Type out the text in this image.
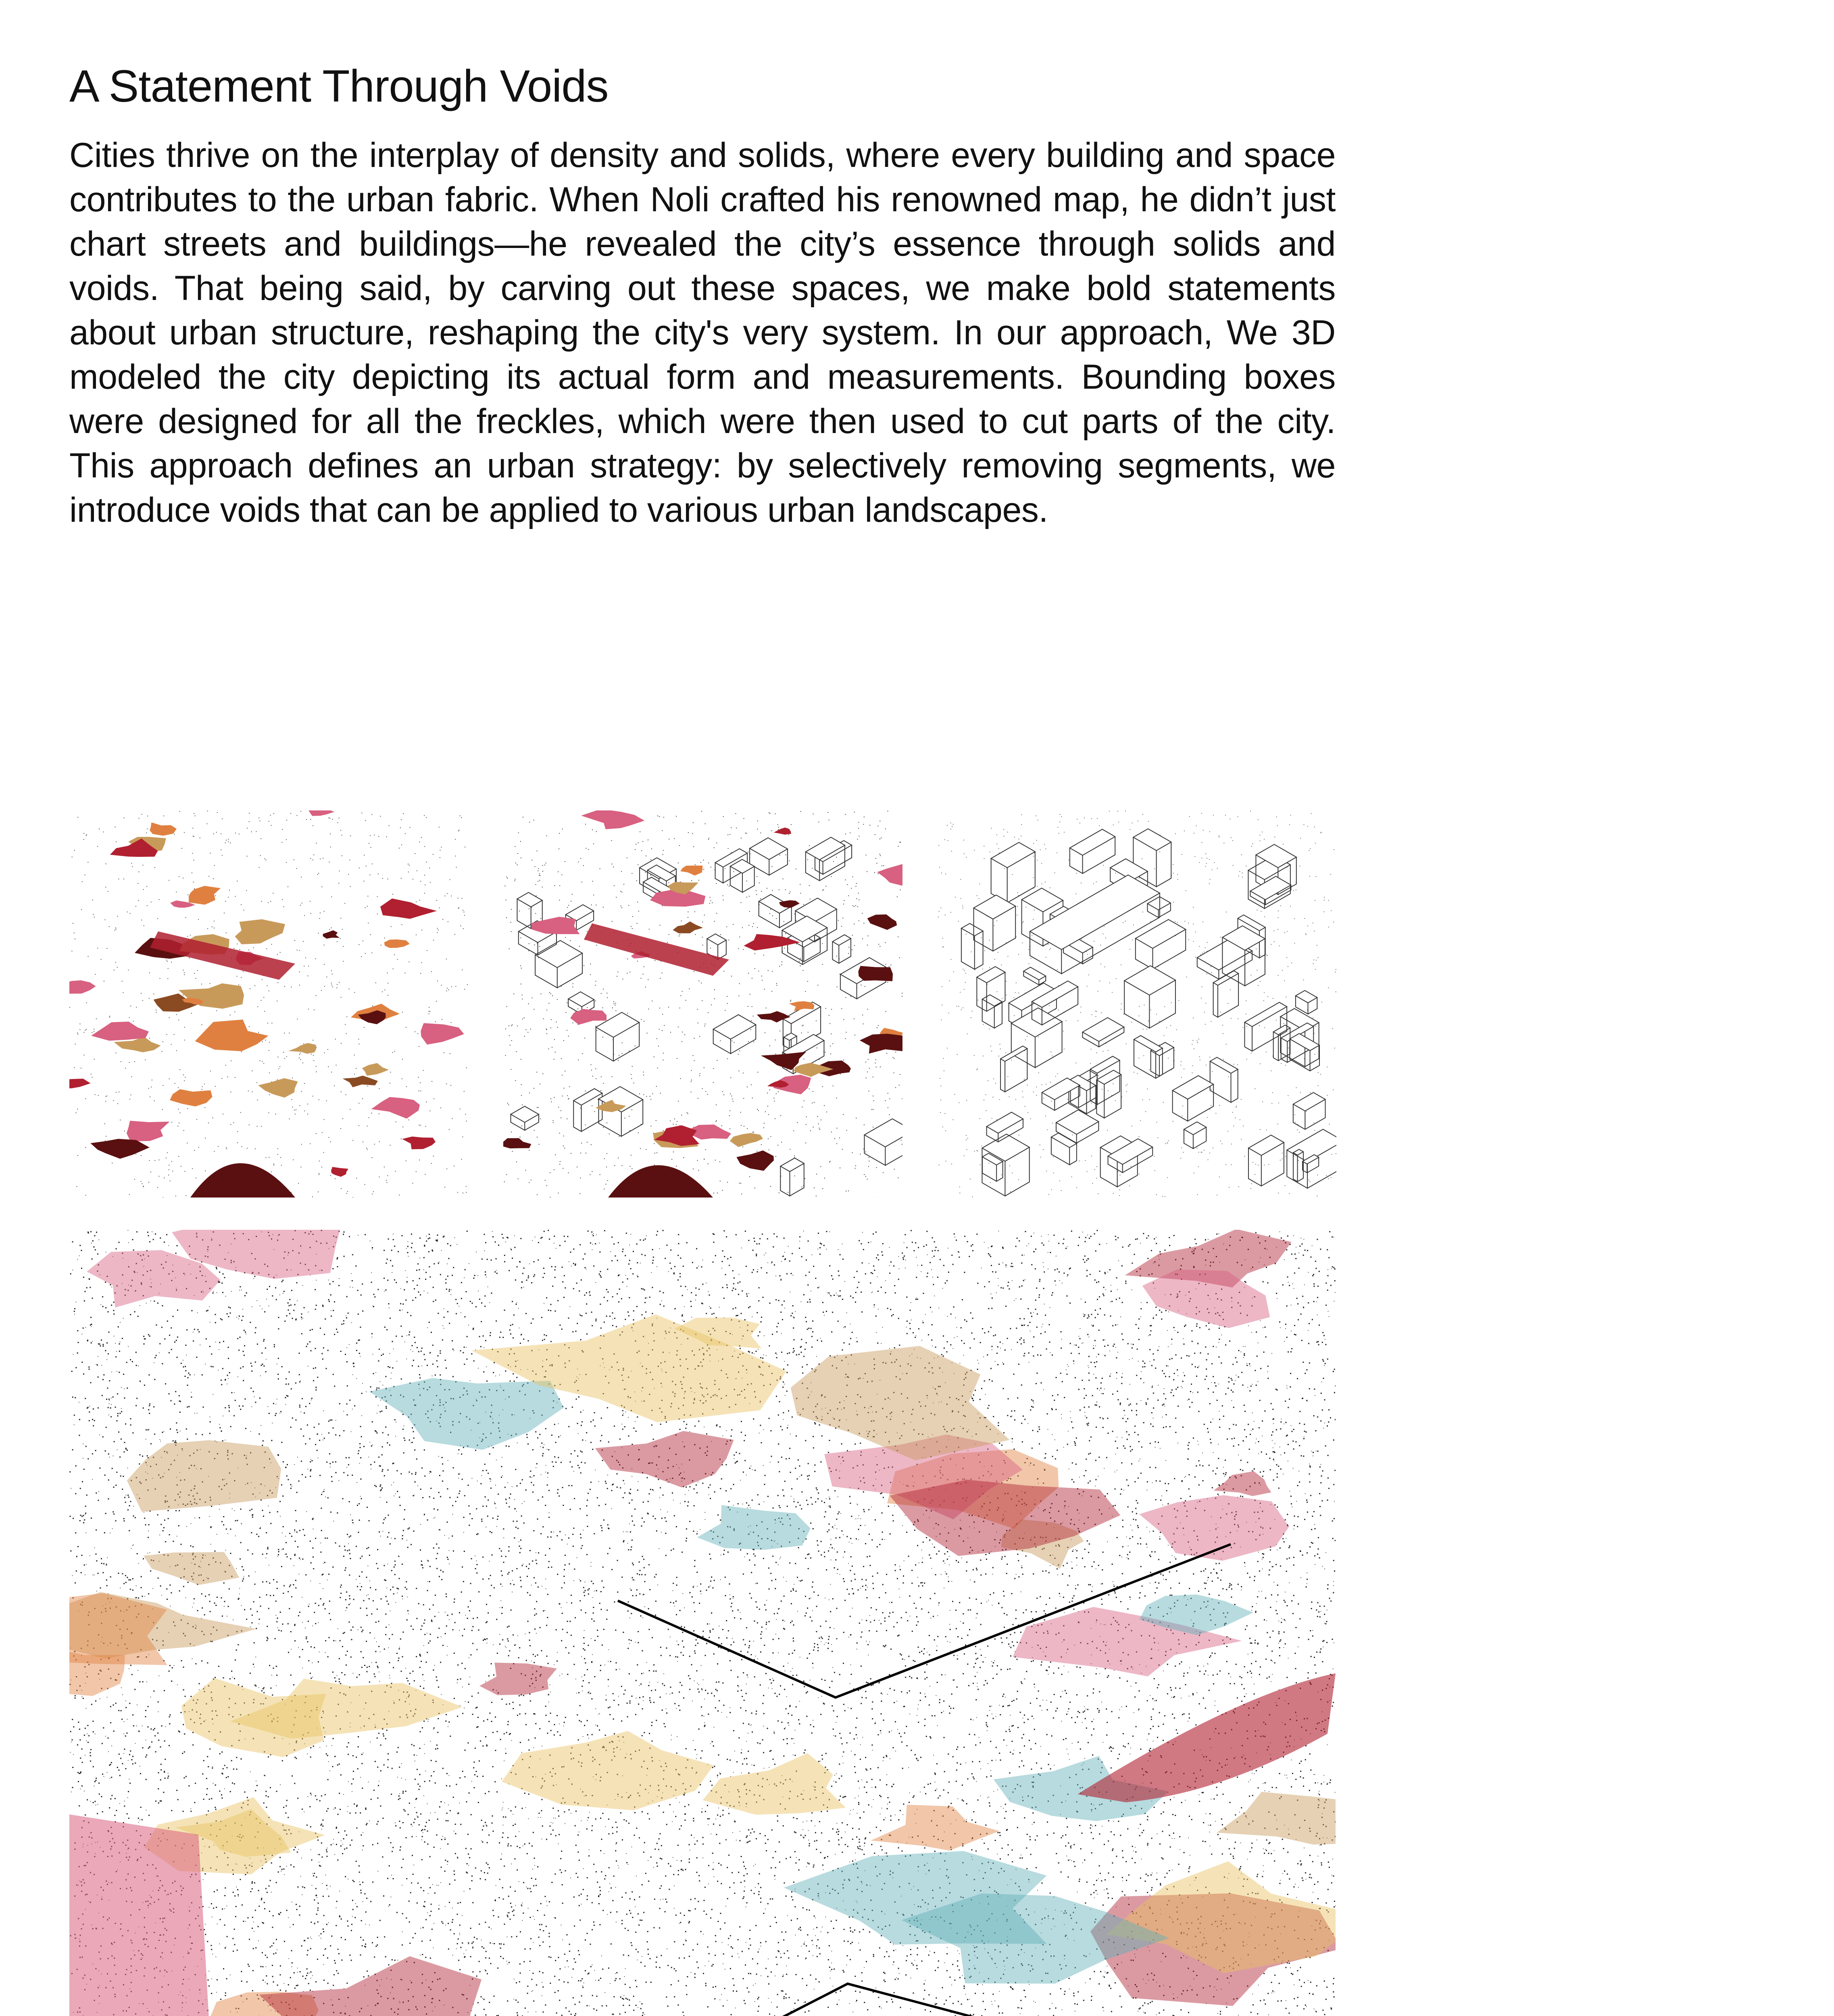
A Statement Through Voids

Cities thrive on the interplay of density and solids, where every building and space contributes to the urban fabric. When Noli crafted his renowned map, he didn’t just chart streets and buildings—he revealed the city’s essence through solids and voids. That being said, by carving out these spaces, we make bold statements about urban structure, reshaping the city's very system. In our approach, We 3D modeled the city depicting its actual form and measurements. Bounding boxes were designed for all the freckles, which were then used to cut parts of the city. This approach defines an urban strategy: by selectively removing segments, we introduce voids that can be applied to various urban landscapes.
